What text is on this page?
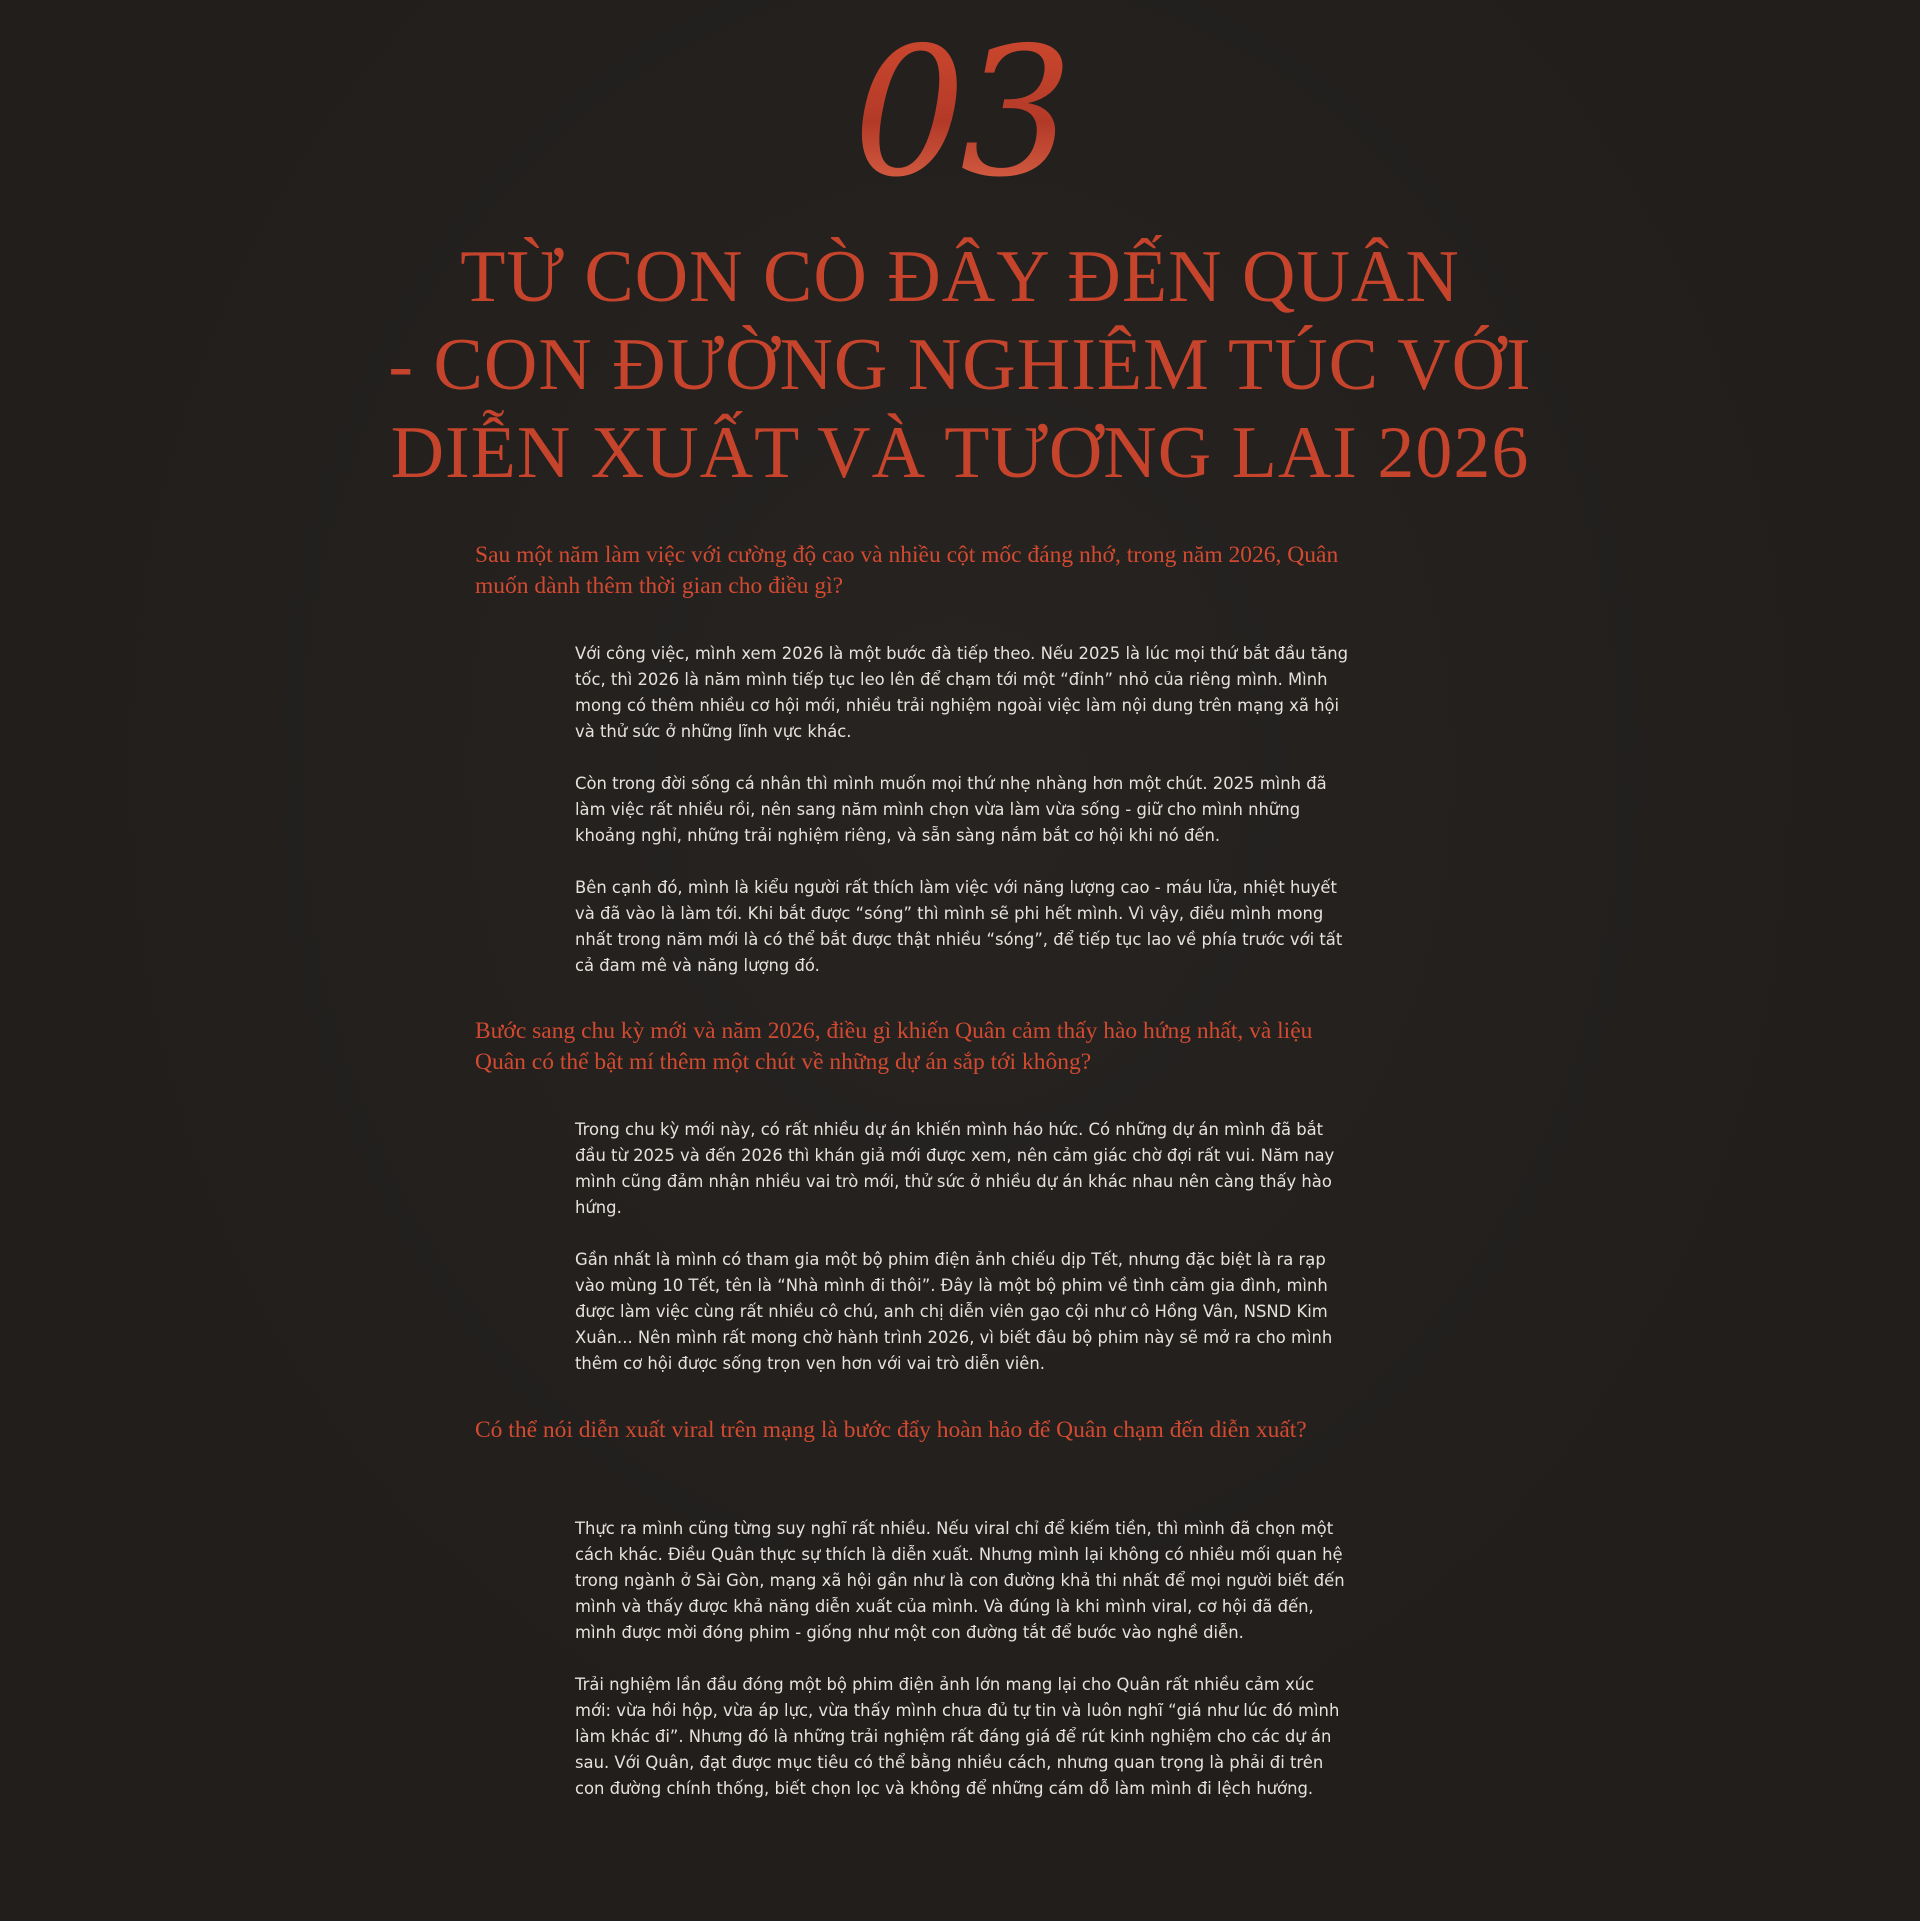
03
TỪ CON CÒ ĐÂY ĐẾN QUÂN
- CON ĐƯỜNG NGHIÊM TÚC VỚI
DIỄN XUẤT VÀ TƯƠNG LAI 2026

Sau một năm làm việc với cường độ cao và nhiều cột mốc đáng nhớ, trong năm 2026, Quân muốn dành thêm thời gian cho điều gì?

Với công việc, mình xem 2026 là một bước đà tiếp theo. Nếu 2025 là lúc mọi thứ bắt đầu tăng tốc, thì 2026 là năm mình tiếp tục leo lên để chạm tới một “đỉnh” nhỏ của riêng mình. Mình mong có thêm nhiều cơ hội mới, nhiều trải nghiệm ngoài việc làm nội dung trên mạng xã hội và thử sức ở những lĩnh vực khác.

Còn trong đời sống cá nhân thì mình muốn mọi thứ nhẹ nhàng hơn một chút. 2025 mình đã làm việc rất nhiều rồi, nên sang năm mình chọn vừa làm vừa sống - giữ cho mình những khoảng nghỉ, những trải nghiệm riêng, và sẵn sàng nắm bắt cơ hội khi nó đến.

Bên cạnh đó, mình là kiểu người rất thích làm việc với năng lượng cao - máu lửa, nhiệt huyết và đã vào là làm tới. Khi bắt được “sóng” thì mình sẽ phi hết mình. Vì vậy, điều mình mong nhất trong năm mới là có thể bắt được thật nhiều “sóng”, để tiếp tục lao về phía trước với tất cả đam mê và năng lượng đó.

Bước sang chu kỳ mới và năm 2026, điều gì khiến Quân cảm thấy hào hứng nhất, và liệu Quân có thể bật mí thêm một chút về những dự án sắp tới không?

Trong chu kỳ mới này, có rất nhiều dự án khiến mình háo hức. Có những dự án mình đã bắt đầu từ 2025 và đến 2026 thì khán giả mới được xem, nên cảm giác chờ đợi rất vui. Năm nay mình cũng đảm nhận nhiều vai trò mới, thử sức ở nhiều dự án khác nhau nên càng thấy hào hứng.

Gần nhất là mình có tham gia một bộ phim điện ảnh chiếu dịp Tết, nhưng đặc biệt là ra rạp vào mùng 10 Tết, tên là “Nhà mình đi thôi”. Đây là một bộ phim về tình cảm gia đình, mình được làm việc cùng rất nhiều cô chú, anh chị diễn viên gạo cội như cô Hồng Vân, NSND Kim Xuân... Nên mình rất mong chờ hành trình 2026, vì biết đâu bộ phim này sẽ mở ra cho mình thêm cơ hội được sống trọn vẹn hơn với vai trò diễn viên.

Có thể nói diễn xuất viral trên mạng là bước đẩy hoàn hảo để Quân chạm đến diễn xuất?

Thực ra mình cũng từng suy nghĩ rất nhiều. Nếu viral chỉ để kiếm tiền, thì mình đã chọn một cách khác. Điều Quân thực sự thích là diễn xuất. Nhưng mình lại không có nhiều mối quan hệ trong ngành ở Sài Gòn, mạng xã hội gần như là con đường khả thi nhất để mọi người biết đến mình và thấy được khả năng diễn xuất của mình. Và đúng là khi mình viral, cơ hội đã đến, mình được mời đóng phim - giống như một con đường tắt để bước vào nghề diễn.

Trải nghiệm lần đầu đóng một bộ phim điện ảnh lớn mang lại cho Quân rất nhiều cảm xúc mới: vừa hồi hộp, vừa áp lực, vừa thấy mình chưa đủ tự tin và luôn nghĩ “giá như lúc đó mình làm khác đi”. Nhưng đó là những trải nghiệm rất đáng giá để rút kinh nghiệm cho các dự án sau. Với Quân, đạt được mục tiêu có thể bằng nhiều cách, nhưng quan trọng là phải đi trên con đường chính thống, biết chọn lọc và không để những cám dỗ làm mình đi lệch hướng.
